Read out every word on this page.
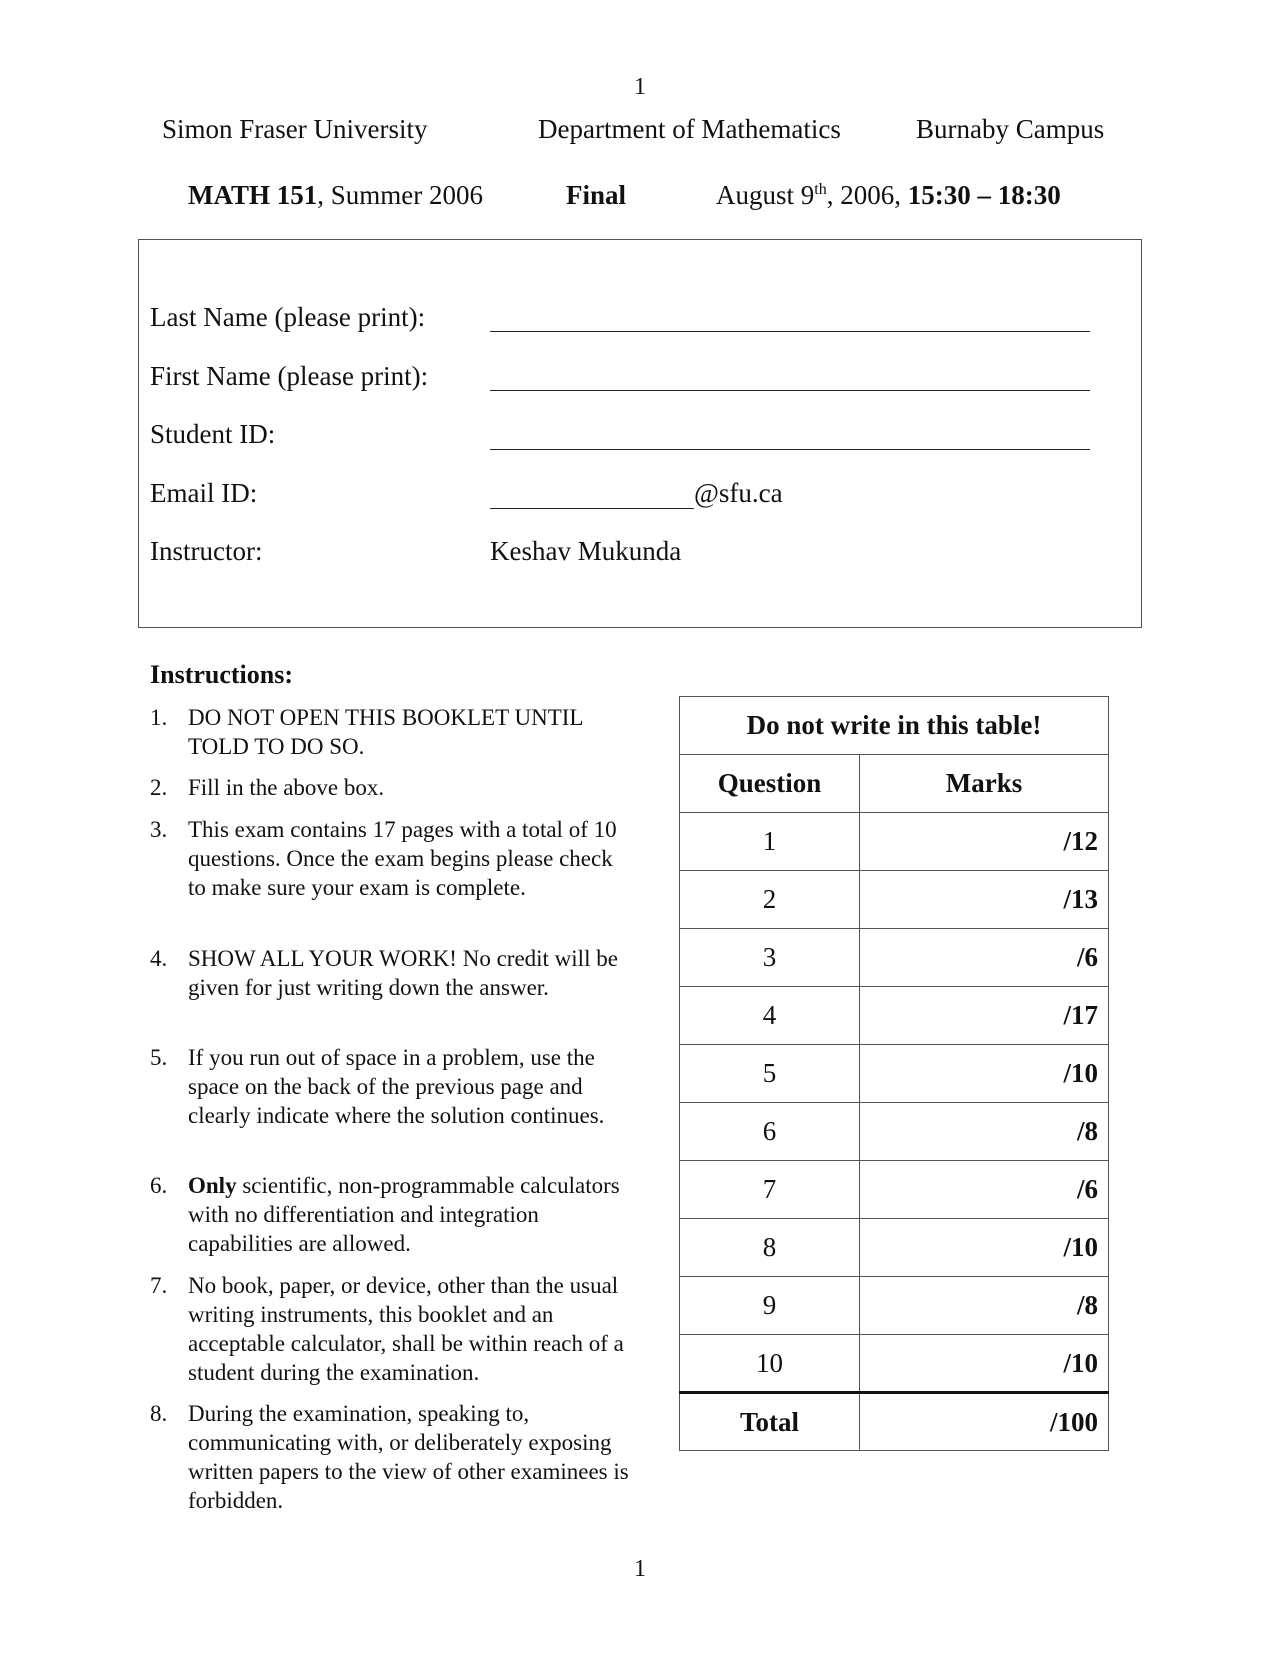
1
Simon Fraser University	Department of Mathematics	Burnaby Campus
MATH 151, Summer 2006	Final	August 9th, 2006, 15:30 – 18:30
Last Name (please print):
First Name (please print):
Student ID:
Email ID:	@sfu.ca
Instructor:	Keshav Mukunda
Instructions:
1. DO NOT OPEN THIS BOOKLET UNTIL TOLD TO DO SO.
2. Fill in the above box.
3. This exam contains 17 pages with a total of 10 questions. Once the exam begins please check to make sure your exam is complete.
4. SHOW ALL YOUR WORK! No credit will be given for just writing down the answer.
5. If you run out of space in a problem, use the space on the back of the previous page and clearly indicate where the solution continues.
6. Only scientific, non-programmable calculators with no differentiation and integration capabilities are allowed.
7. No book, paper, or device, other than the usual writing instruments, this booklet and an acceptable calculator, shall be within reach of a student during the examination.
8. During the examination, speaking to, communicating with, or deliberately exposing written papers to the view of other examinees is forbidden.
Do not write in this table!	
Question	Marks
1	/12
2	/13
3	/6
4	/17
5	/10
6	/8
7	/6
8	/10
9	/8
10	/10
Total	/100
1
